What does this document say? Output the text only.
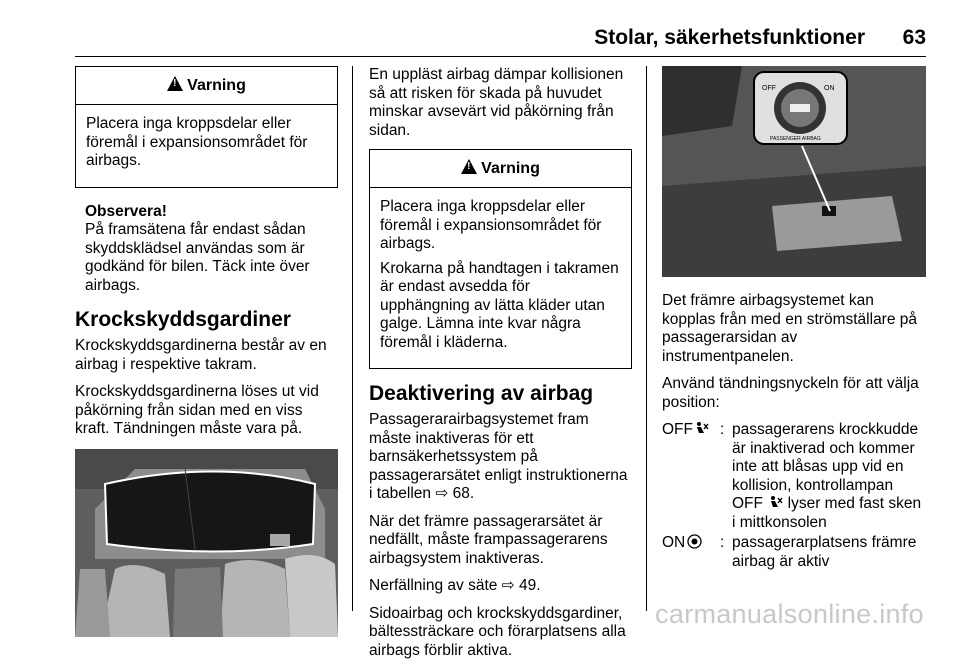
Stolar, säkerhetsfunktioner 63
!Varning

Placera inga kroppsdelar eller föremål i expansionsområdet för airbags.

Observera!
På framsätena får endast sådan skyddsklädsel användas som är godkänd för bilen. Täck inte över airbags.
Krockskyddsgardiner

Krockskyddsgardinerna består av en airbag i respektive takram.

Krockskyddsgardinerna löses ut vid påkörning från sidan med en viss kraft. Tändningen måste vara på.

En uppläst airbag dämpar kollisionen så att risken för skada på huvudet minskar avsevärt vid påkörning från sidan.

!Varning

Placera inga kroppsdelar eller föremål i expansionsområdet för airbags.

Krokarna på handtagen i takramen är endast avsedda för upphängning av lätta kläder utan galge. Lämna inte kvar några föremål i kläderna.

Deaktivering av airbag

Passagerarairbagsystemet fram måste inaktiveras för ett barnsäkerhetssystem på passagerarsätet enligt instruktionerna i tabellen ⇨ 68.

När det främre passagerarsätet är nedfällt, måste frampassagerarens airbagsystem inaktiveras.

Nerfällning av säte ⇨ 49.

Sidoairbag och krockskyddsgardiner, bältessträckare och förarplatsens alla airbags förblir aktiva.

OFF	ON
PASSENGER AIRBAG

Det främre airbagsystemet kan kopplas från med en strömställare på passagerarsidan av instrumentpanelen.

Använd tändningsnyckeln för att välja position:

OFF : passagerarens krockkudde är inaktiverad och kommer inte att blåsas upp vid en kollision, kontrollampan OFF lyser med fast sken i mittkonsolen
ON : passagerarplatsens främre airbag är aktiv
carmanualsonline.info
